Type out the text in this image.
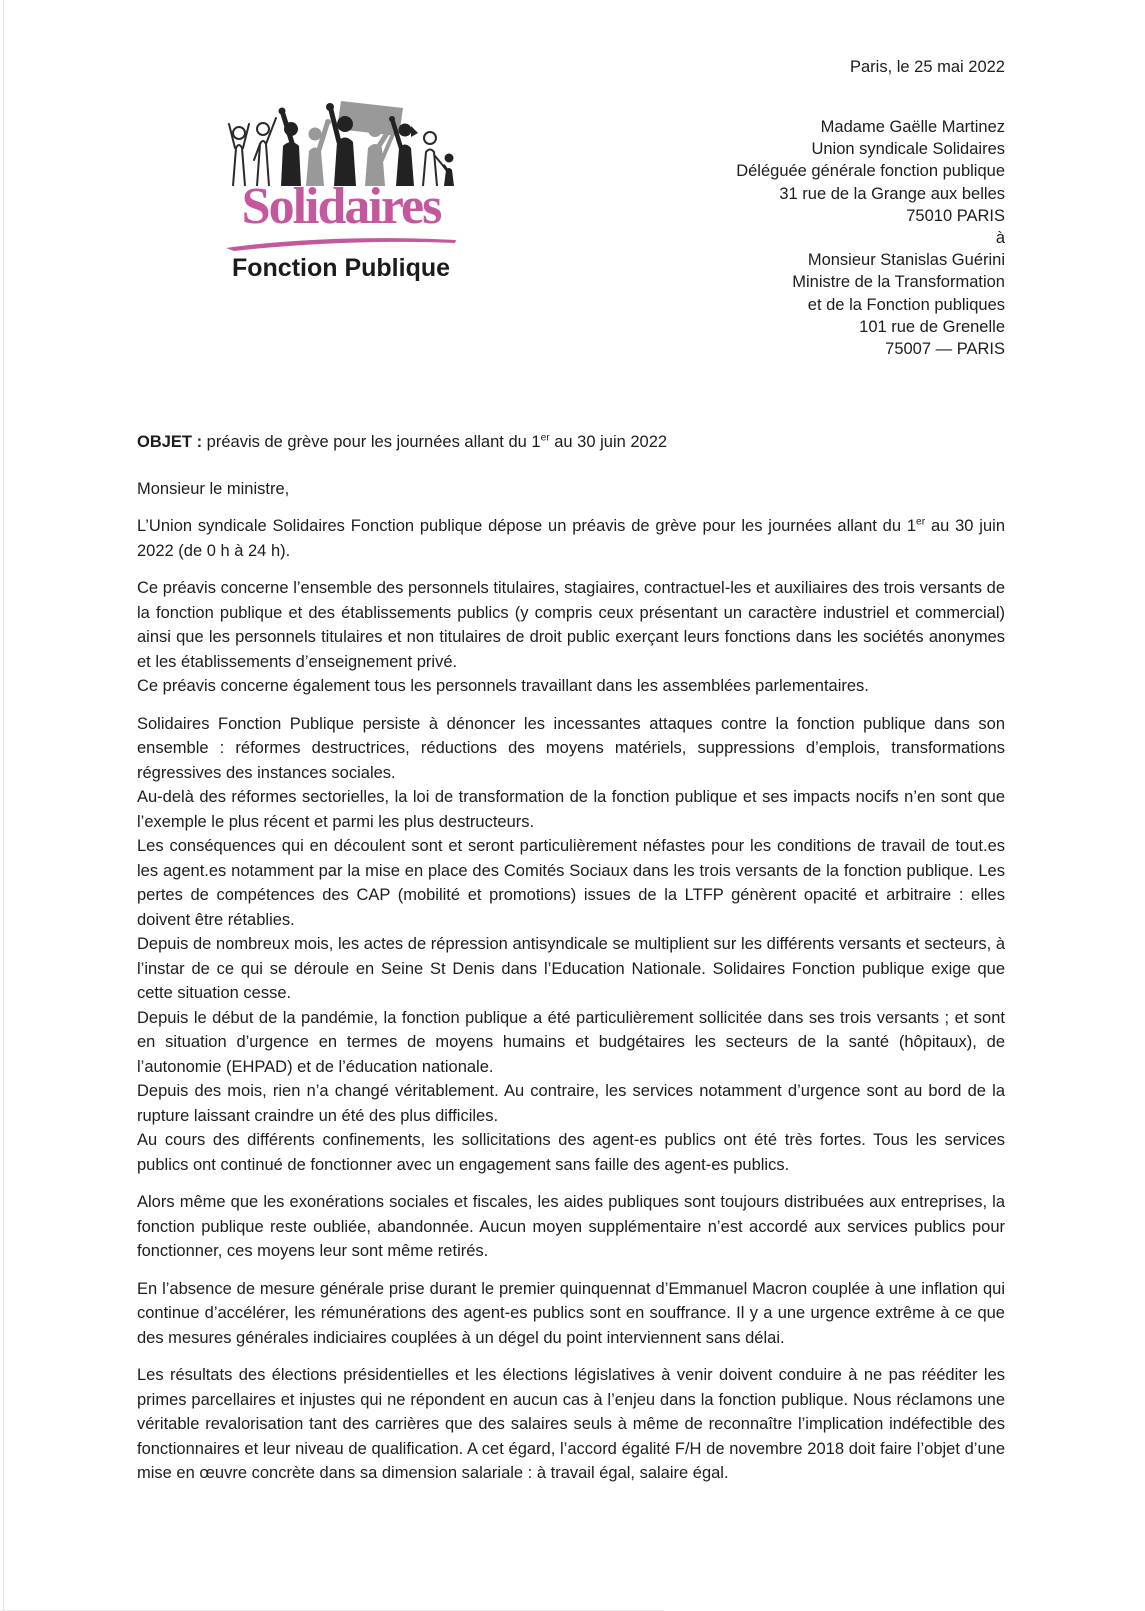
Paris, le 25 mai 2022
Solidaires
Fonction Publique
Madame Gaëlle Martinez
Union syndicale Solidaires
Déléguée générale fonction publique
31 rue de la Grange aux belles
75010 PARIS
à
Monsieur Stanislas Guérini
Ministre de la Transformation
et de la Fonction publiques
101 rue de Grenelle
75007 — PARIS
OBJET : préavis de grève pour les journées allant du 1er au 30 juin 2022
Monsieur le ministre,
L’Union syndicale Solidaires Fonction publique dépose un préavis de grève pour les journées allant du 1er au 30 juin 2022 (de 0 h à 24 h).
Ce préavis concerne l’ensemble des personnels titulaires, stagiaires, contractuel-les et auxiliaires des trois versants de la fonction publique et des établissements publics (y compris ceux présentant un caractère industriel et commercial) ainsi que les personnels titulaires et non titulaires de droit public exerçant leurs fonctions dans les sociétés anonymes et les établissements d’enseignement privé.
Ce préavis concerne également tous les personnels travaillant dans les assemblées parlementaires.
Solidaires Fonction Publique persiste à dénoncer les incessantes attaques contre la fonction publique dans son ensemble : réformes destructrices, réductions des moyens matériels, suppressions d’emplois, transformations régressives des instances sociales.
Au-delà des réformes sectorielles, la loi de transformation de la fonction publique et ses impacts nocifs n’en sont que l’exemple le plus récent et parmi les plus destructeurs.
Les conséquences qui en découlent sont et seront particulièrement néfastes pour les conditions de travail de tout.es les agent.es notamment par la mise en place des Comités Sociaux dans les trois versants de la fonction publique. Les pertes de compétences des CAP (mobilité et promotions) issues de la LTFP génèrent opacité et arbitraire : elles doivent être rétablies.
Depuis de nombreux mois, les actes de répression antisyndicale se multiplient sur les différents versants et secteurs, à l’instar de ce qui se déroule en Seine St Denis dans l’Education Nationale. Solidaires Fonction publique exige que cette situation cesse.
Depuis le début de la pandémie, la fonction publique a été particulièrement sollicitée dans ses trois versants ; et sont en situation d’urgence en termes de moyens humains et budgétaires les secteurs de la santé (hôpitaux), de l’autonomie (EHPAD) et de l’éducation nationale.
Depuis des mois, rien n’a changé véritablement. Au contraire, les services notamment d’urgence sont au bord de la rupture laissant craindre un été des plus difficiles.
Au cours des différents confinements, les sollicitations des agent-es publics ont été très fortes. Tous les services publics ont continué de fonctionner avec un engagement sans faille des agent-es publics.
Alors même que les exonérations sociales et fiscales, les aides publiques sont toujours distribuées aux entreprises, la fonction publique reste oubliée, abandonnée. Aucun moyen supplémentaire n’est accordé aux services publics pour fonctionner, ces moyens leur sont même retirés.
En l’absence de mesure générale prise durant le premier quinquennat d’Emmanuel Macron couplée à une inflation qui continue d’accélérer, les rémunérations des agent-es publics sont en souffrance. Il y a une urgence extrême à ce que des mesures générales indiciaires couplées à un dégel du point interviennent sans délai.
Les résultats des élections présidentielles et les élections législatives à venir doivent conduire à ne pas rééditer les primes parcellaires et injustes qui ne répondent en aucun cas à l’enjeu dans la fonction publique. Nous réclamons une véritable revalorisation tant des carrières que des salaires seuls à même de reconnaître l’implication indéfectible des fonctionnaires et leur niveau de qualification. A cet égard, l’accord égalité F/H de novembre 2018 doit faire l’objet d’une mise en œuvre concrète dans sa dimension salariale : à travail égal, salaire égal.
